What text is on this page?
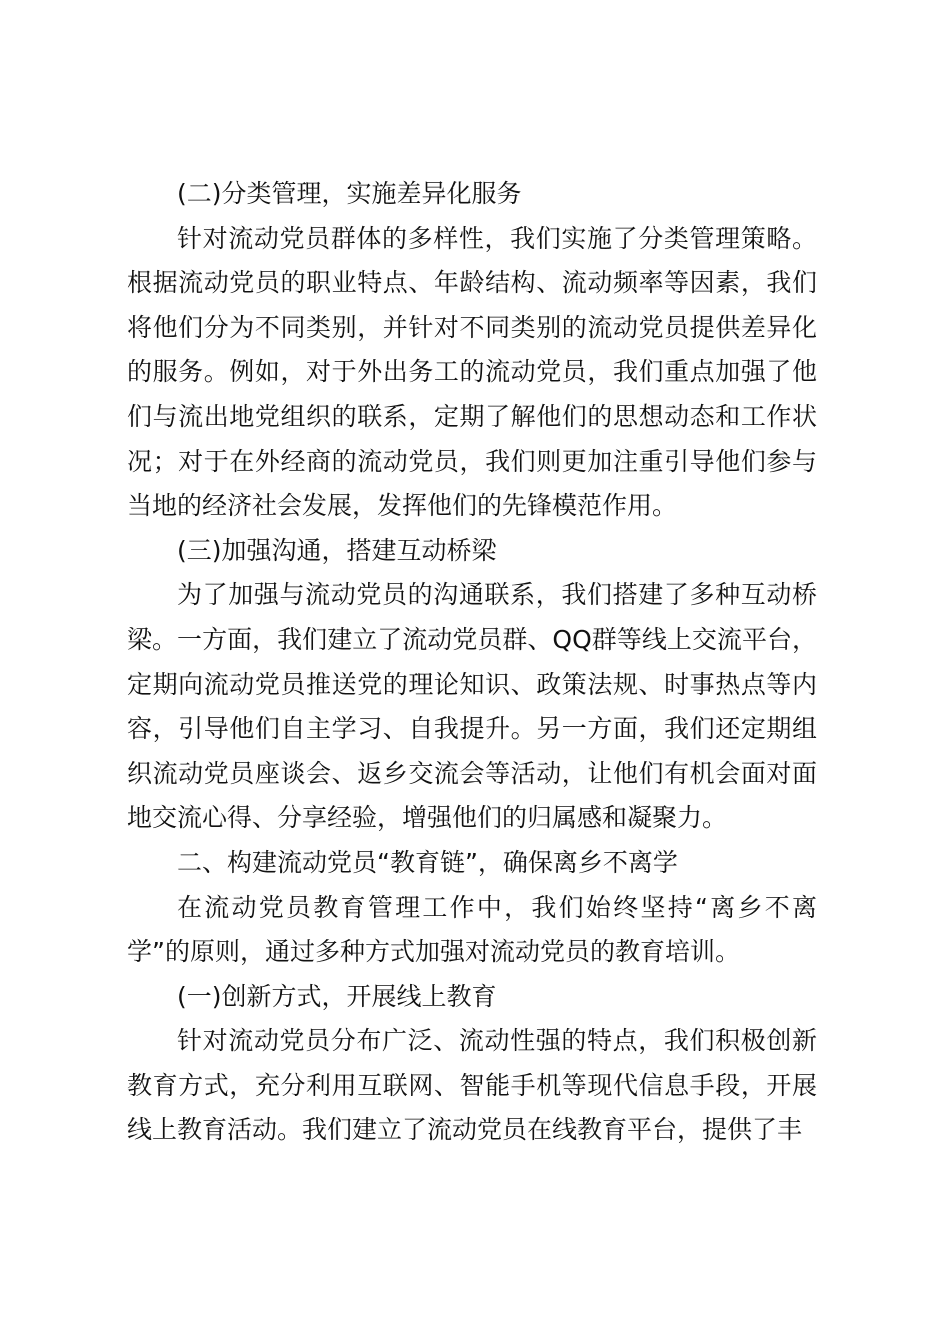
(二)分类管理，实施差异化服务

针对流动党员群体的多样性，我们实施了分类管理策略。根据流动党员的职业特点、年龄结构、流动频率等因素，我们将他们分为不同类别，并针对不同类别的流动党员提供差异化的服务。例如，对于外出务工的流动党员，我们重点加强了他们与流出地党组织的联系，定期了解他们的思想动态和工作状况；对于在外经商的流动党员，我们则更加注重引导他们参与当地的经济社会发展，发挥他们的先锋模范作用。

(三)加强沟通，搭建互动桥梁

为了加强与流动党员的沟通联系，我们搭建了多种互动桥梁。一方面，我们建立了流动党员群、QQ群等线上交流平台，定期向流动党员推送党的理论知识、政策法规、时事热点等内容，引导他们自主学习、自我提升。另一方面，我们还定期组织流动党员座谈会、返乡交流会等活动，让他们有机会面对面地交流心得、分享经验，增强他们的归属感和凝聚力。

二、构建流动党员“教育链”，确保离乡不离学

在流动党员教育管理工作中，我们始终坚持“离乡不离学”的原则，通过多种方式加强对流动党员的教育培训。

(一)创新方式，开展线上教育

针对流动党员分布广泛、流动性强的特点，我们积极创新教育方式，充分利用互联网、智能手机等现代信息手段，开展线上教育活动。我们建立了流动党员在线教育平台，提供了丰
